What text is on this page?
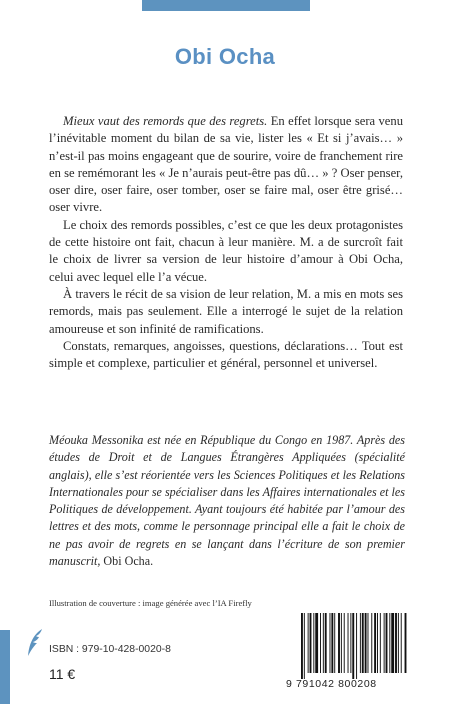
Obi Ocha

Mieux vaut des remords que des regrets. En effet lorsque sera venu l’inévitable moment du bilan de sa vie, lister les « Et si j’avais… » n’est-il pas moins engageant que de sourire, voire de franchement rire en se remémorant les « Je n’aurais peut-être pas dû… » ? Oser penser, oser dire, oser faire, oser tomber, oser se faire mal, oser être grisé… oser vivre.

Le choix des remords possibles, c’est ce que les deux protagonistes de cette histoire ont fait, chacun à leur manière. M. a de surcroît fait le choix de livrer sa version de leur histoire d’amour à Obi Ocha, celui avec lequel elle l’a vécue.

À travers le récit de sa vision de leur relation, M. a mis en mots ses remords, mais pas seulement. Elle a interrogé le sujet de la relation amoureuse et son infinité de ramifications.

Constats, remarques, angoisses, questions, déclarations… Tout est simple et complexe, particulier et général, personnel et universel.

Méouka Messonika est née en République du Congo en 1987. Après des études de Droit et de Langues Étrangères Appliquées (spécialité anglais), elle s’est réorientée vers les Sciences Politiques et les Relations Internationales pour se spécialiser dans les Affaires internationales et les Politiques de développement. Ayant toujours été habitée par l’amour des lettres et des mots, comme le personnage principal elle a fait le choix de ne pas avoir de regrets en se lançant dans l’écriture de son premier manuscrit, Obi Ocha.

Illustration de couverture : image générée avec l’IA Firefly
ISBN : 979-10-428-0020-8
11 €
9 791042 800208
